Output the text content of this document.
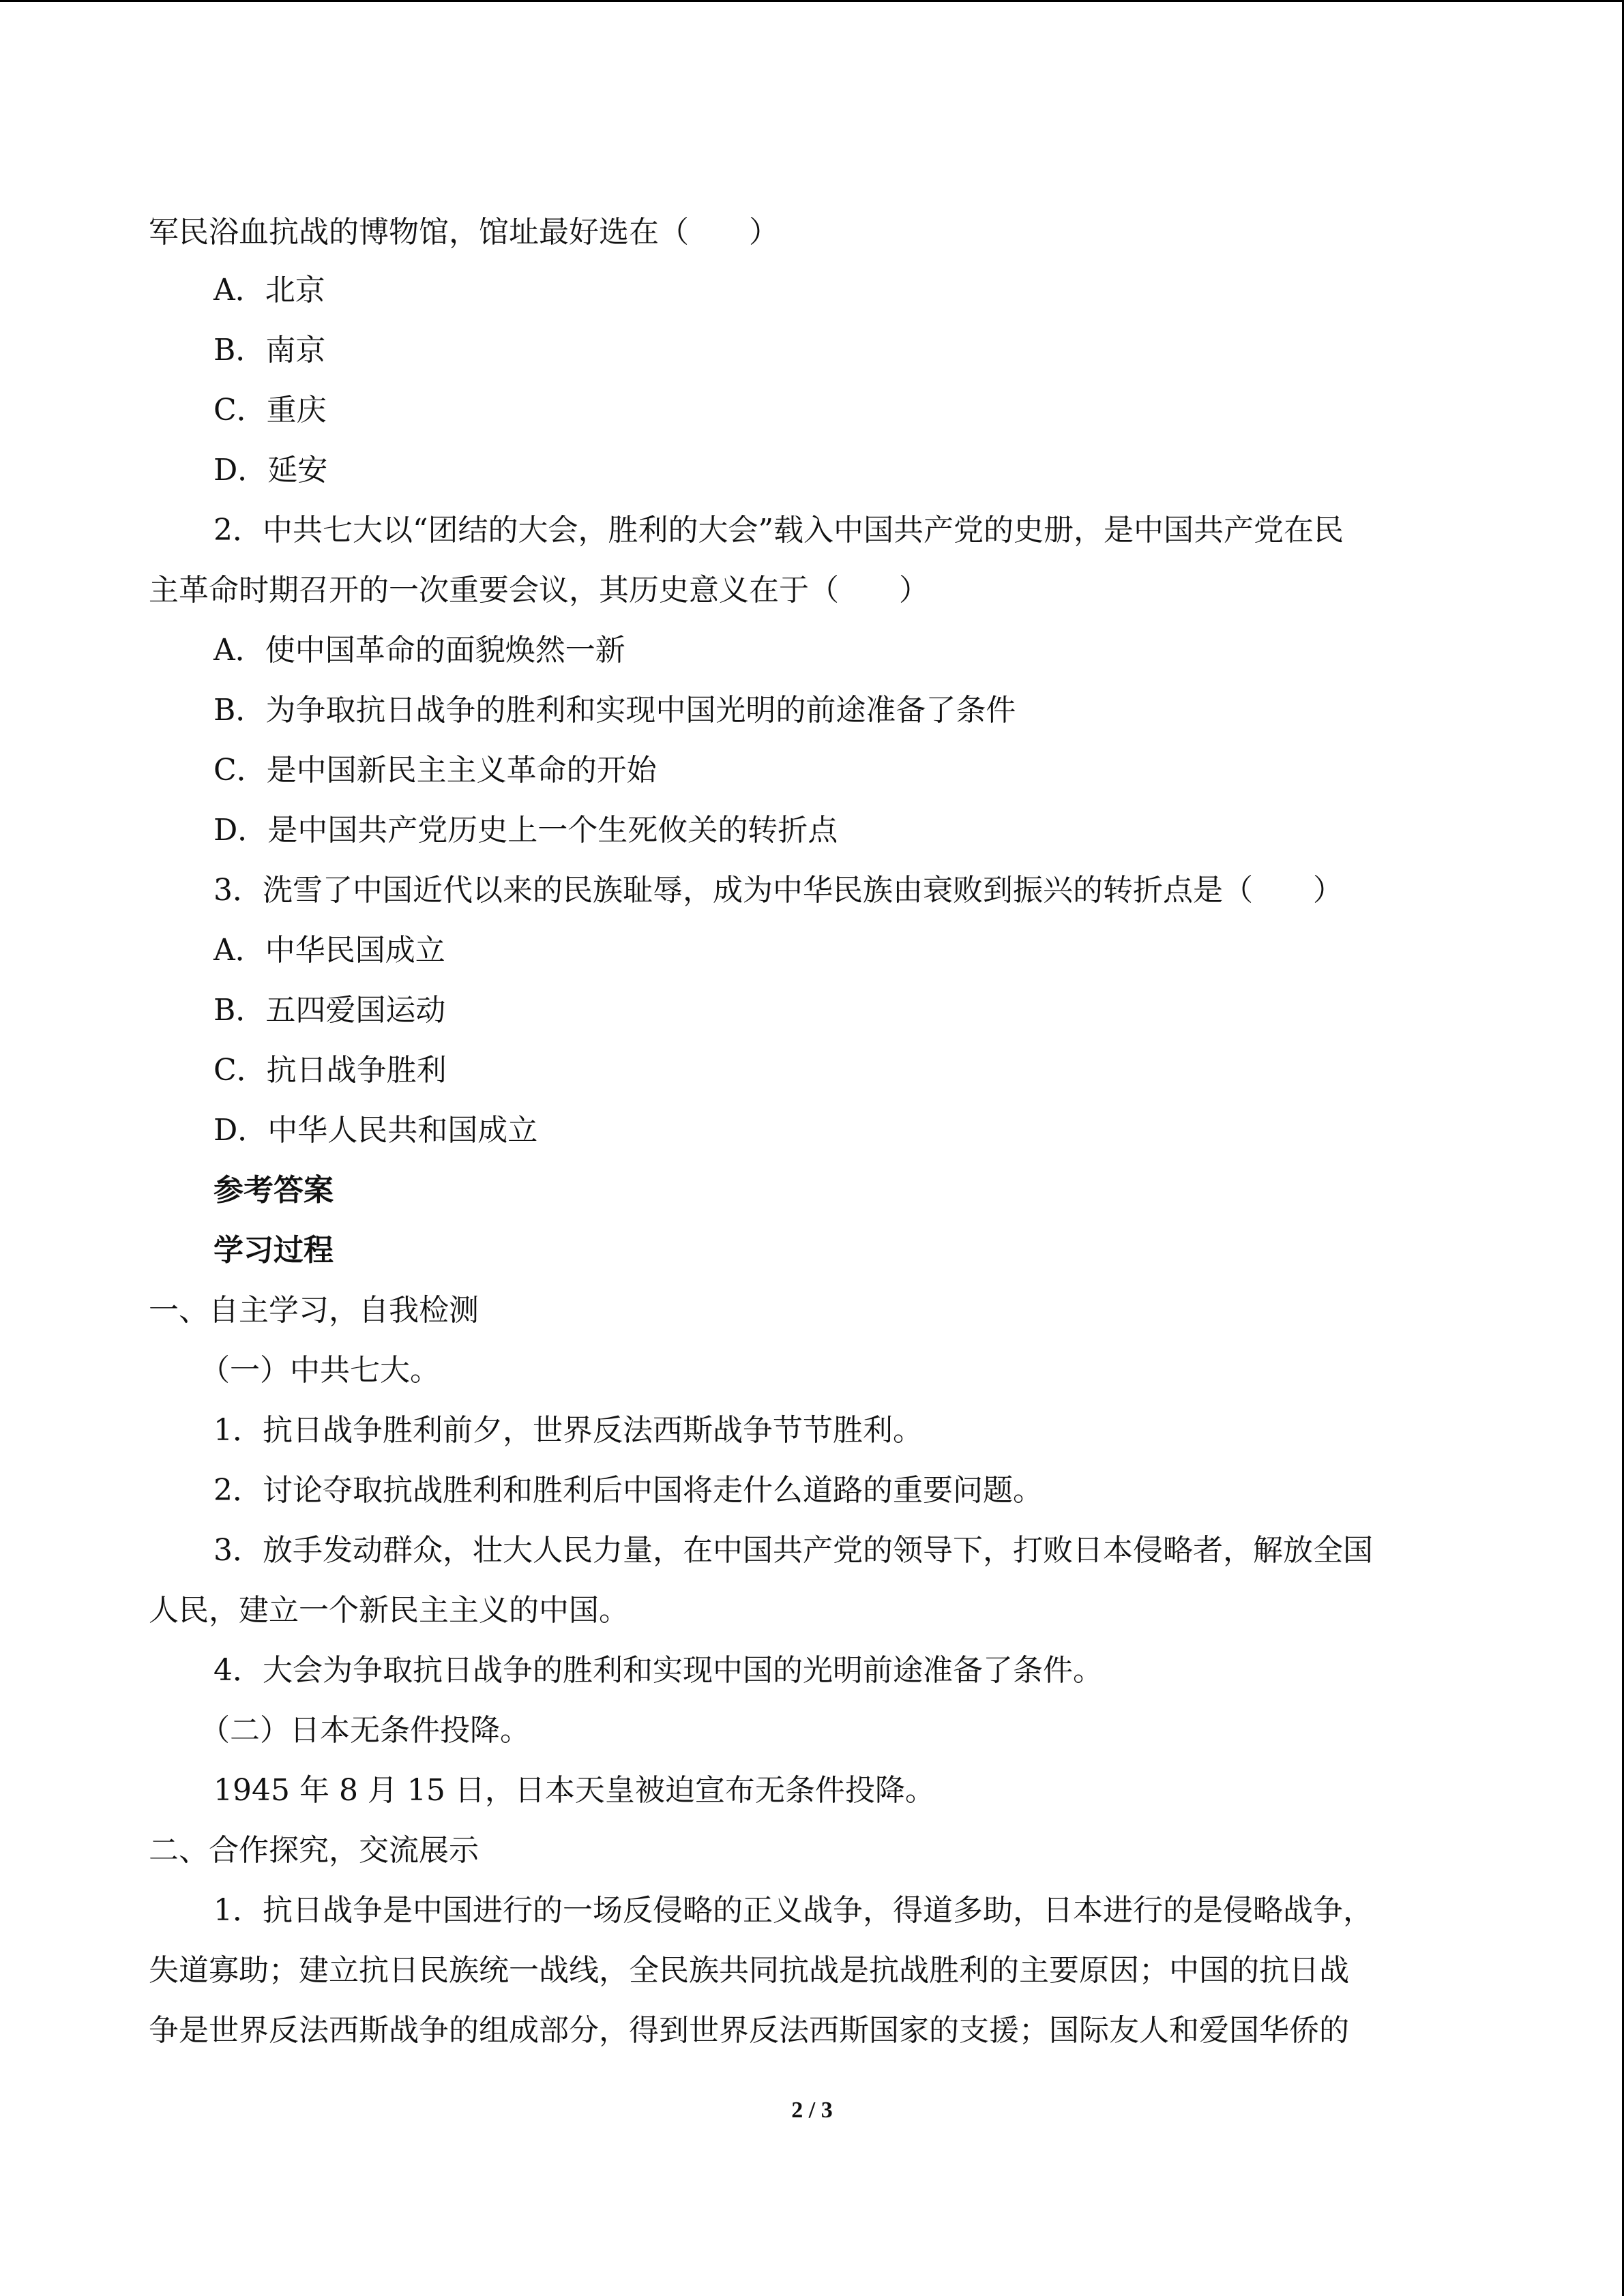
军民浴血抗战的博物馆，馆址最好选在（　　）
A．北京
B．南京
C．重庆
D．延安
2．中共七大以“团结的大会，胜利的大会”载入中国共产党的史册，是中国共产党在民
主革命时期召开的一次重要会议，其历史意义在于（　　）
A．使中国革命的面貌焕然一新
B．为争取抗日战争的胜利和实现中国光明的前途准备了条件
C．是中国新民主主义革命的开始
D．是中国共产党历史上一个生死攸关的转折点
3．洗雪了中国近代以来的民族耻辱，成为中华民族由衰败到振兴的转折点是（　　）
A．中华民国成立
B．五四爱国运动
C．抗日战争胜利
D．中华人民共和国成立
参考答案
学习过程
一、自主学习，自我检测
（一）中共七大。
1．抗日战争胜利前夕，世界反法西斯战争节节胜利。
2．讨论夺取抗战胜利和胜利后中国将走什么道路的重要问题。
3．放手发动群众，壮大人民力量，在中国共产党的领导下，打败日本侵略者，解放全国
人民，建立一个新民主主义的中国。
4．大会为争取抗日战争的胜利和实现中国的光明前途准备了条件。
（二）日本无条件投降。
1945 年 8 月 15 日，日本天皇被迫宣布无条件投降。
二、合作探究，交流展示
1．抗日战争是中国进行的一场反侵略的正义战争，得道多助，日本进行的是侵略战争，
失道寡助；建立抗日民族统一战线，全民族共同抗战是抗战胜利的主要原因；中国的抗日战
争是世界反法西斯战争的组成部分，得到世界反法西斯国家的支援；国际友人和爱国华侨的
2 / 3
